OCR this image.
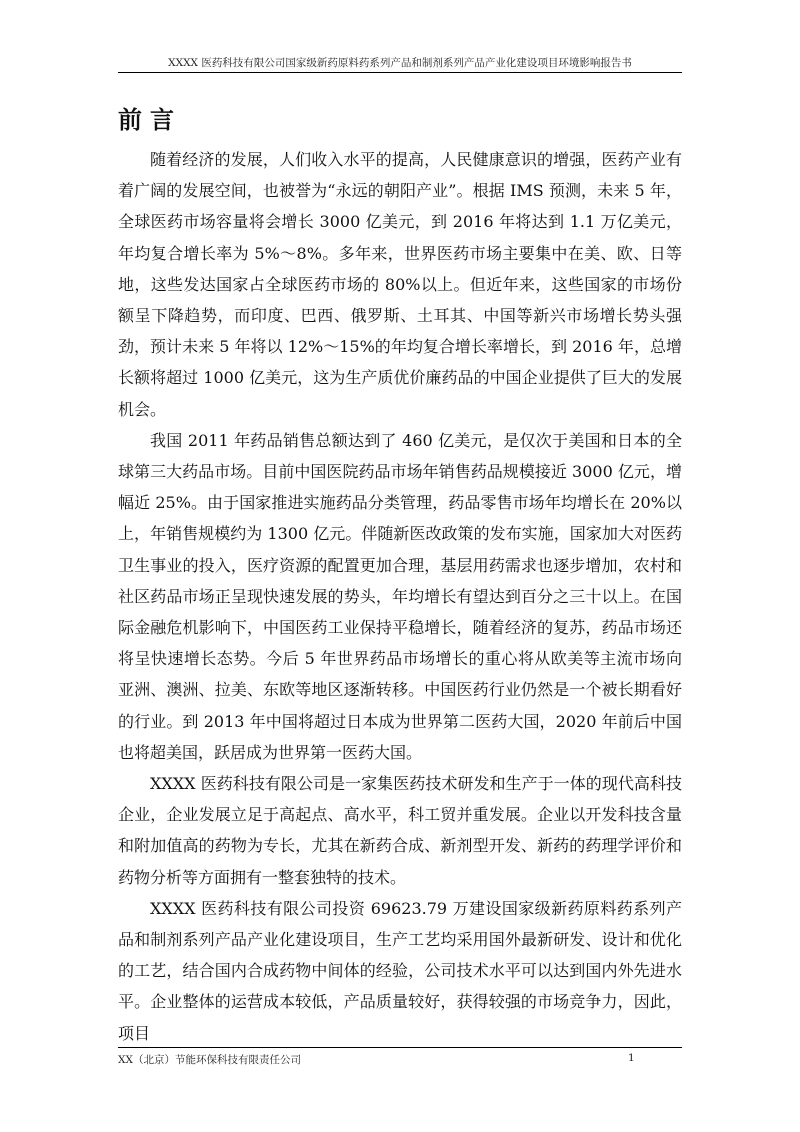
XXXX 医药科技有限公司国家级新药原料药系列产品和制剂系列产品产业化建设项目环境影响报告书
前言

随着经济的发展，人们收入水平的提高，人民健康意识的增强，医药产业有着广阔的发展空间，也被誉为“永远的朝阳产业”。根据 IMS 预测，未来 5 年，全球医药市场容量将会增长 3000 亿美元，到 2016 年将达到 1.1 万亿美元，年均复合增长率为 5%～8%。多年来，世界医药市场主要集中在美、欧、日等地，这些发达国家占全球医药市场的 80%以上。但近年来，这些国家的市场份额呈下降趋势，而印度、巴西、俄罗斯、土耳其、中国等新兴市场增长势头强劲，预计未来 5 年将以 12%～15%的年均复合增长率增长，到 2016 年，总增长额将超过 1000 亿美元，这为生产质优价廉药品的中国企业提供了巨大的发展机会。

我国 2011 年药品销售总额达到了 460 亿美元，是仅次于美国和日本的全球第三大药品市场。目前中国医院药品市场年销售药品规模接近 3000 亿元，增幅近 25%。由于国家推进实施药品分类管理，药品零售市场年均增长在 20%以上，年销售规模约为 1300 亿元。伴随新医改政策的发布实施，国家加大对医药卫生事业的投入，医疗资源的配置更加合理，基层用药需求也逐步增加，农村和社区药品市场正呈现快速发展的势头，年均增长有望达到百分之三十以上。在国际金融危机影响下，中国医药工业保持平稳增长，随着经济的复苏，药品市场还将呈快速增长态势。今后 5 年世界药品市场增长的重心将从欧美等主流市场向亚洲、澳洲、拉美、东欧等地区逐渐转移。中国医药行业仍然是一个被长期看好的行业。到 2013 年中国将超过日本成为世界第二医药大国，2020 年前后中国也将超美国，跃居成为世界第一医药大国。

XXXX 医药科技有限公司是一家集医药技术研发和生产于一体的现代高科技企业，企业发展立足于高起点、高水平，科工贸并重发展。企业以开发科技含量和附加值高的药物为专长，尤其在新药合成、新剂型开发、新药的药理学评价和药物分析等方面拥有一整套独特的技术。

XXXX 医药科技有限公司投资 69623.79 万建设国家级新药原料药系列产品和制剂系列产品产业化建设项目，生产工艺均采用国外最新研发、设计和优化的工艺，结合国内合成药物中间体的经验，公司技术水平可以达到国内外先进水平。企业整体的运营成本较低，产品质量较好，获得较强的市场竞争力，因此，项目

XX（北京）节能环保科技有限责任公司	1
